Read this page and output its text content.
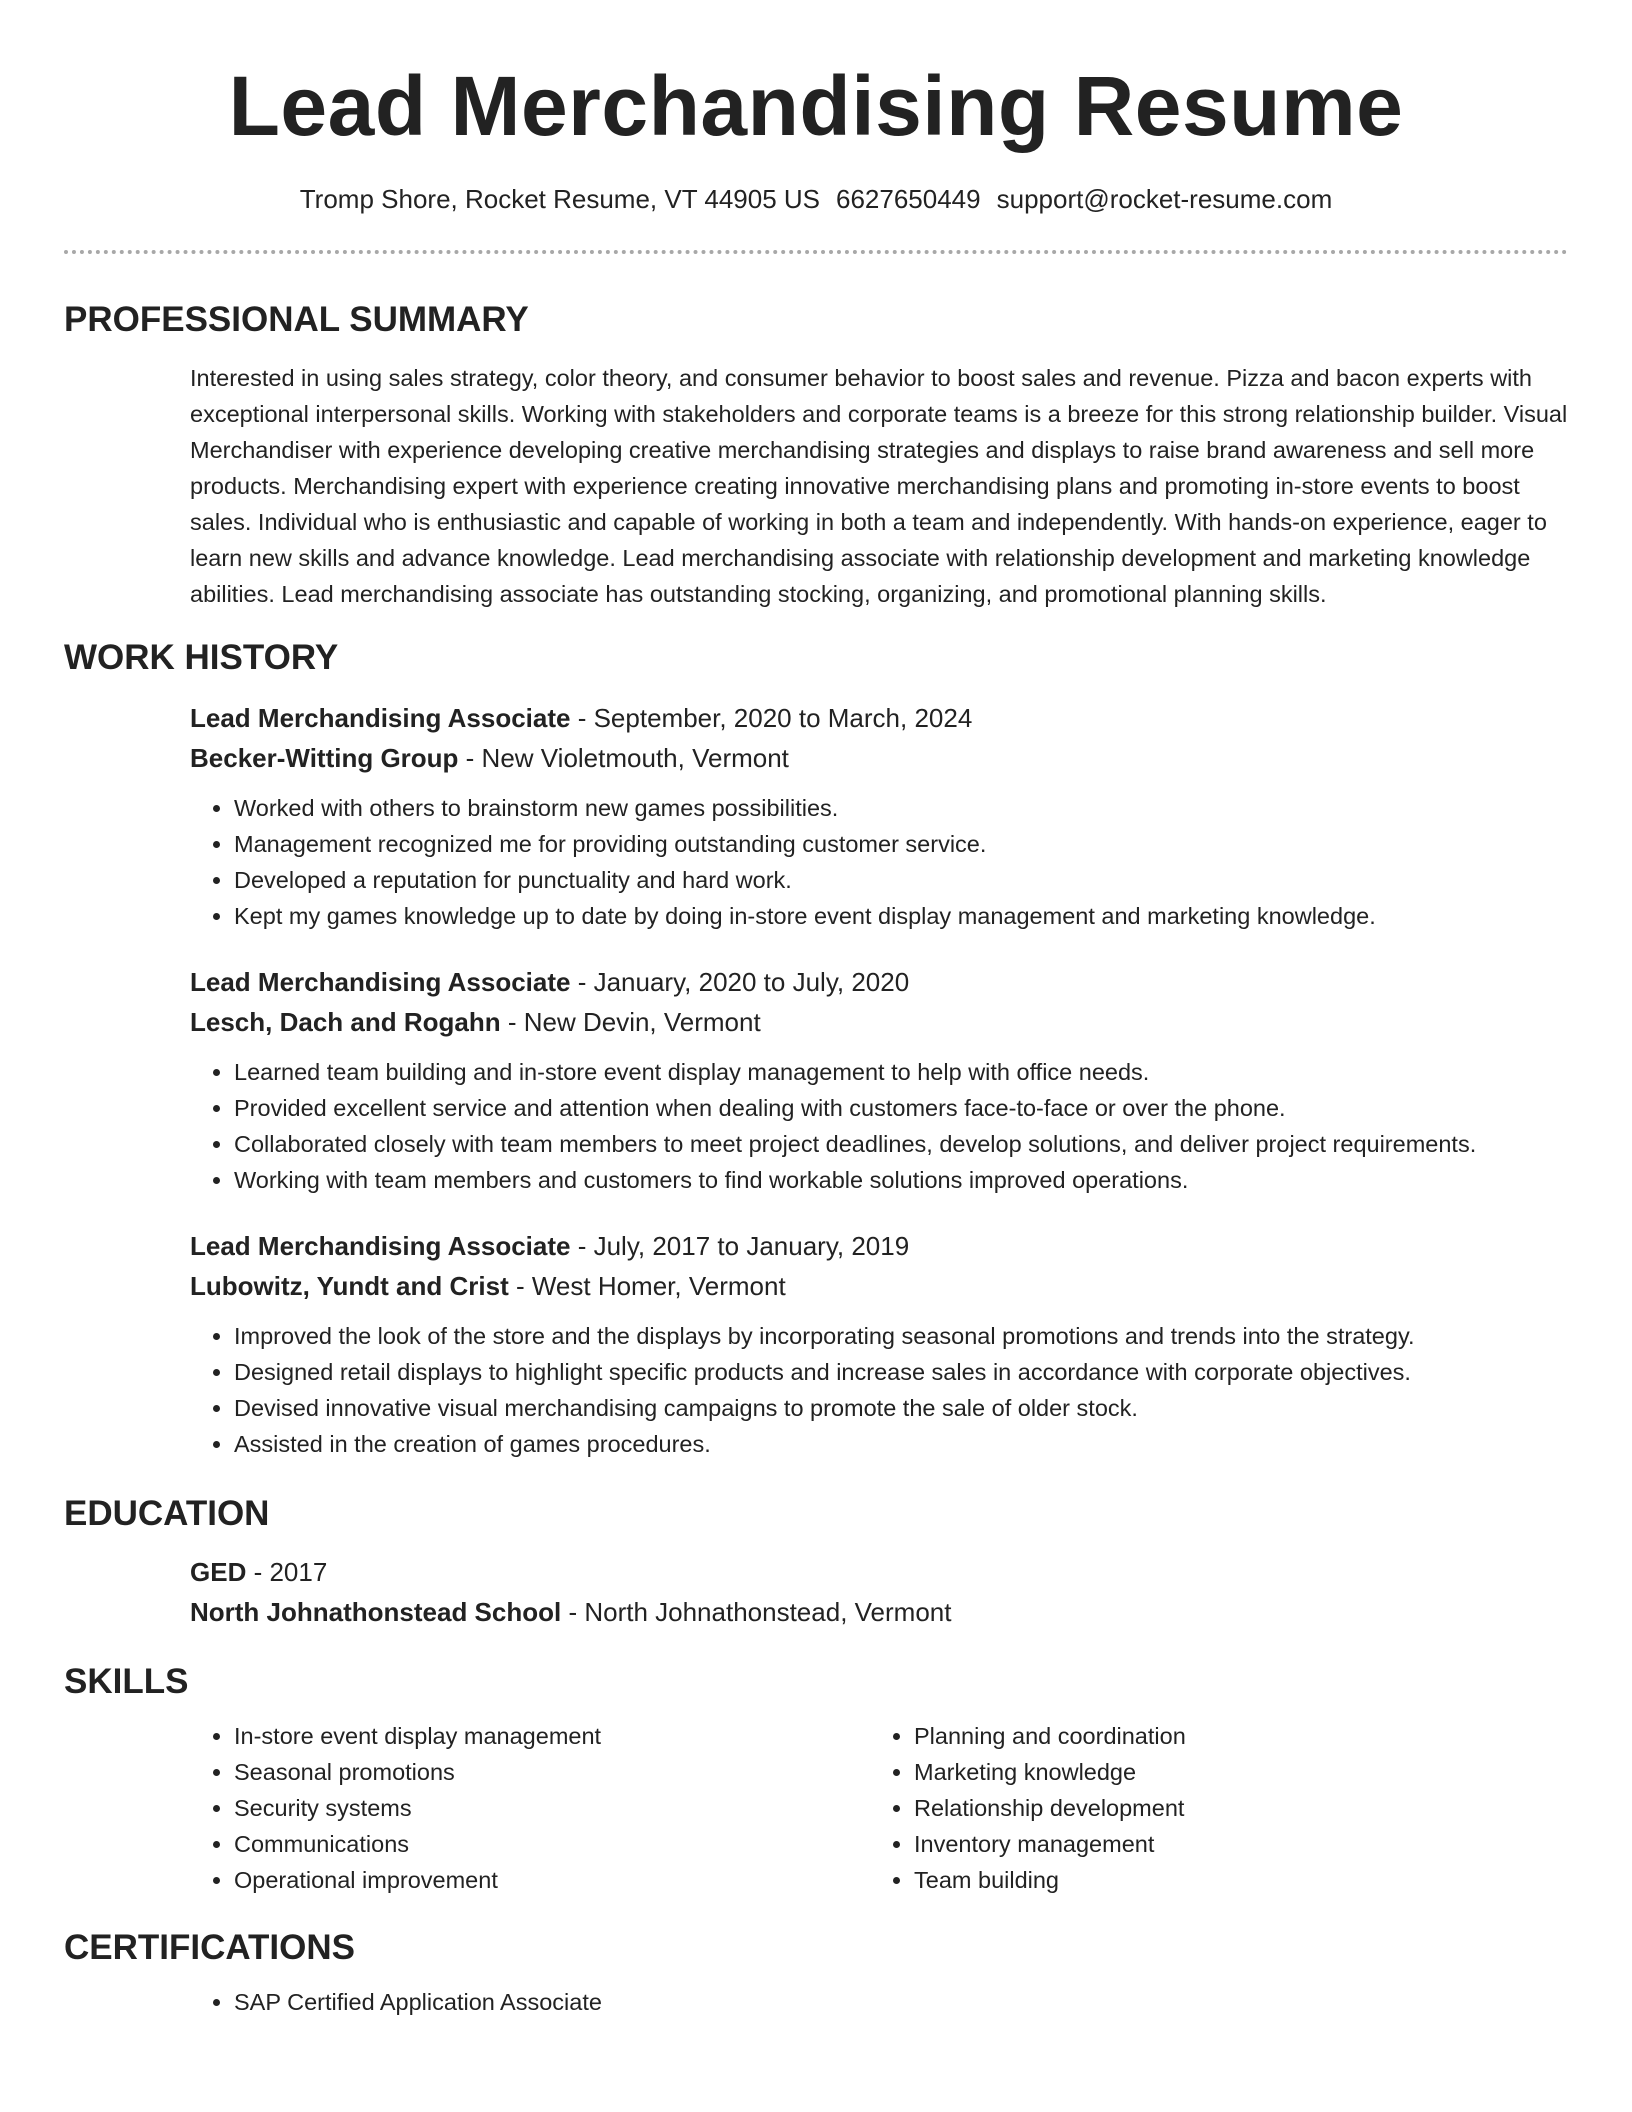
Lead Merchandising Resume
Tromp Shore, Rocket Resume, VT 44905 US 6627650449 support@rocket-resume.com
PROFESSIONAL SUMMARY
Interested in using sales strategy, color theory, and consumer behavior to boost sales and revenue. Pizza and bacon experts with exceptional interpersonal skills. Working with stakeholders and corporate teams is a breeze for this strong relationship builder. Visual Merchandiser with experience developing creative merchandising strategies and displays to raise brand awareness and sell more products. Merchandising expert with experience creating innovative merchandising plans and promoting in-store events to boost sales. Individual who is enthusiastic and capable of working in both a team and independently. With hands-on experience, eager to learn new skills and advance knowledge. Lead merchandising associate with relationship development and marketing knowledge abilities. Lead merchandising associate has outstanding stocking, organizing, and promotional planning skills.
WORK HISTORY
Lead Merchandising Associate - September, 2020 to March, 2024
Becker-Witting Group - New Violetmouth, Vermont
• Worked with others to brainstorm new games possibilities.
• Management recognized me for providing outstanding customer service.
• Developed a reputation for punctuality and hard work.
• Kept my games knowledge up to date by doing in-store event display management and marketing knowledge.
Lead Merchandising Associate - January, 2020 to July, 2020
Lesch, Dach and Rogahn - New Devin, Vermont
• Learned team building and in-store event display management to help with office needs.
• Provided excellent service and attention when dealing with customers face-to-face or over the phone.
• Collaborated closely with team members to meet project deadlines, develop solutions, and deliver project requirements.
• Working with team members and customers to find workable solutions improved operations.
Lead Merchandising Associate - July, 2017 to January, 2019
Lubowitz, Yundt and Crist - West Homer, Vermont
• Improved the look of the store and the displays by incorporating seasonal promotions and trends into the strategy.
• Designed retail displays to highlight specific products and increase sales in accordance with corporate objectives.
• Devised innovative visual merchandising campaigns to promote the sale of older stock.
• Assisted in the creation of games procedures.
EDUCATION
GED - 2017
North Johnathonstead School - North Johnathonstead, Vermont
SKILLS
• In-store event display management
• Seasonal promotions
• Security systems
• Communications
• Operational improvement
• Planning and coordination
• Marketing knowledge
• Relationship development
• Inventory management
• Team building
CERTIFICATIONS
• SAP Certified Application Associate
